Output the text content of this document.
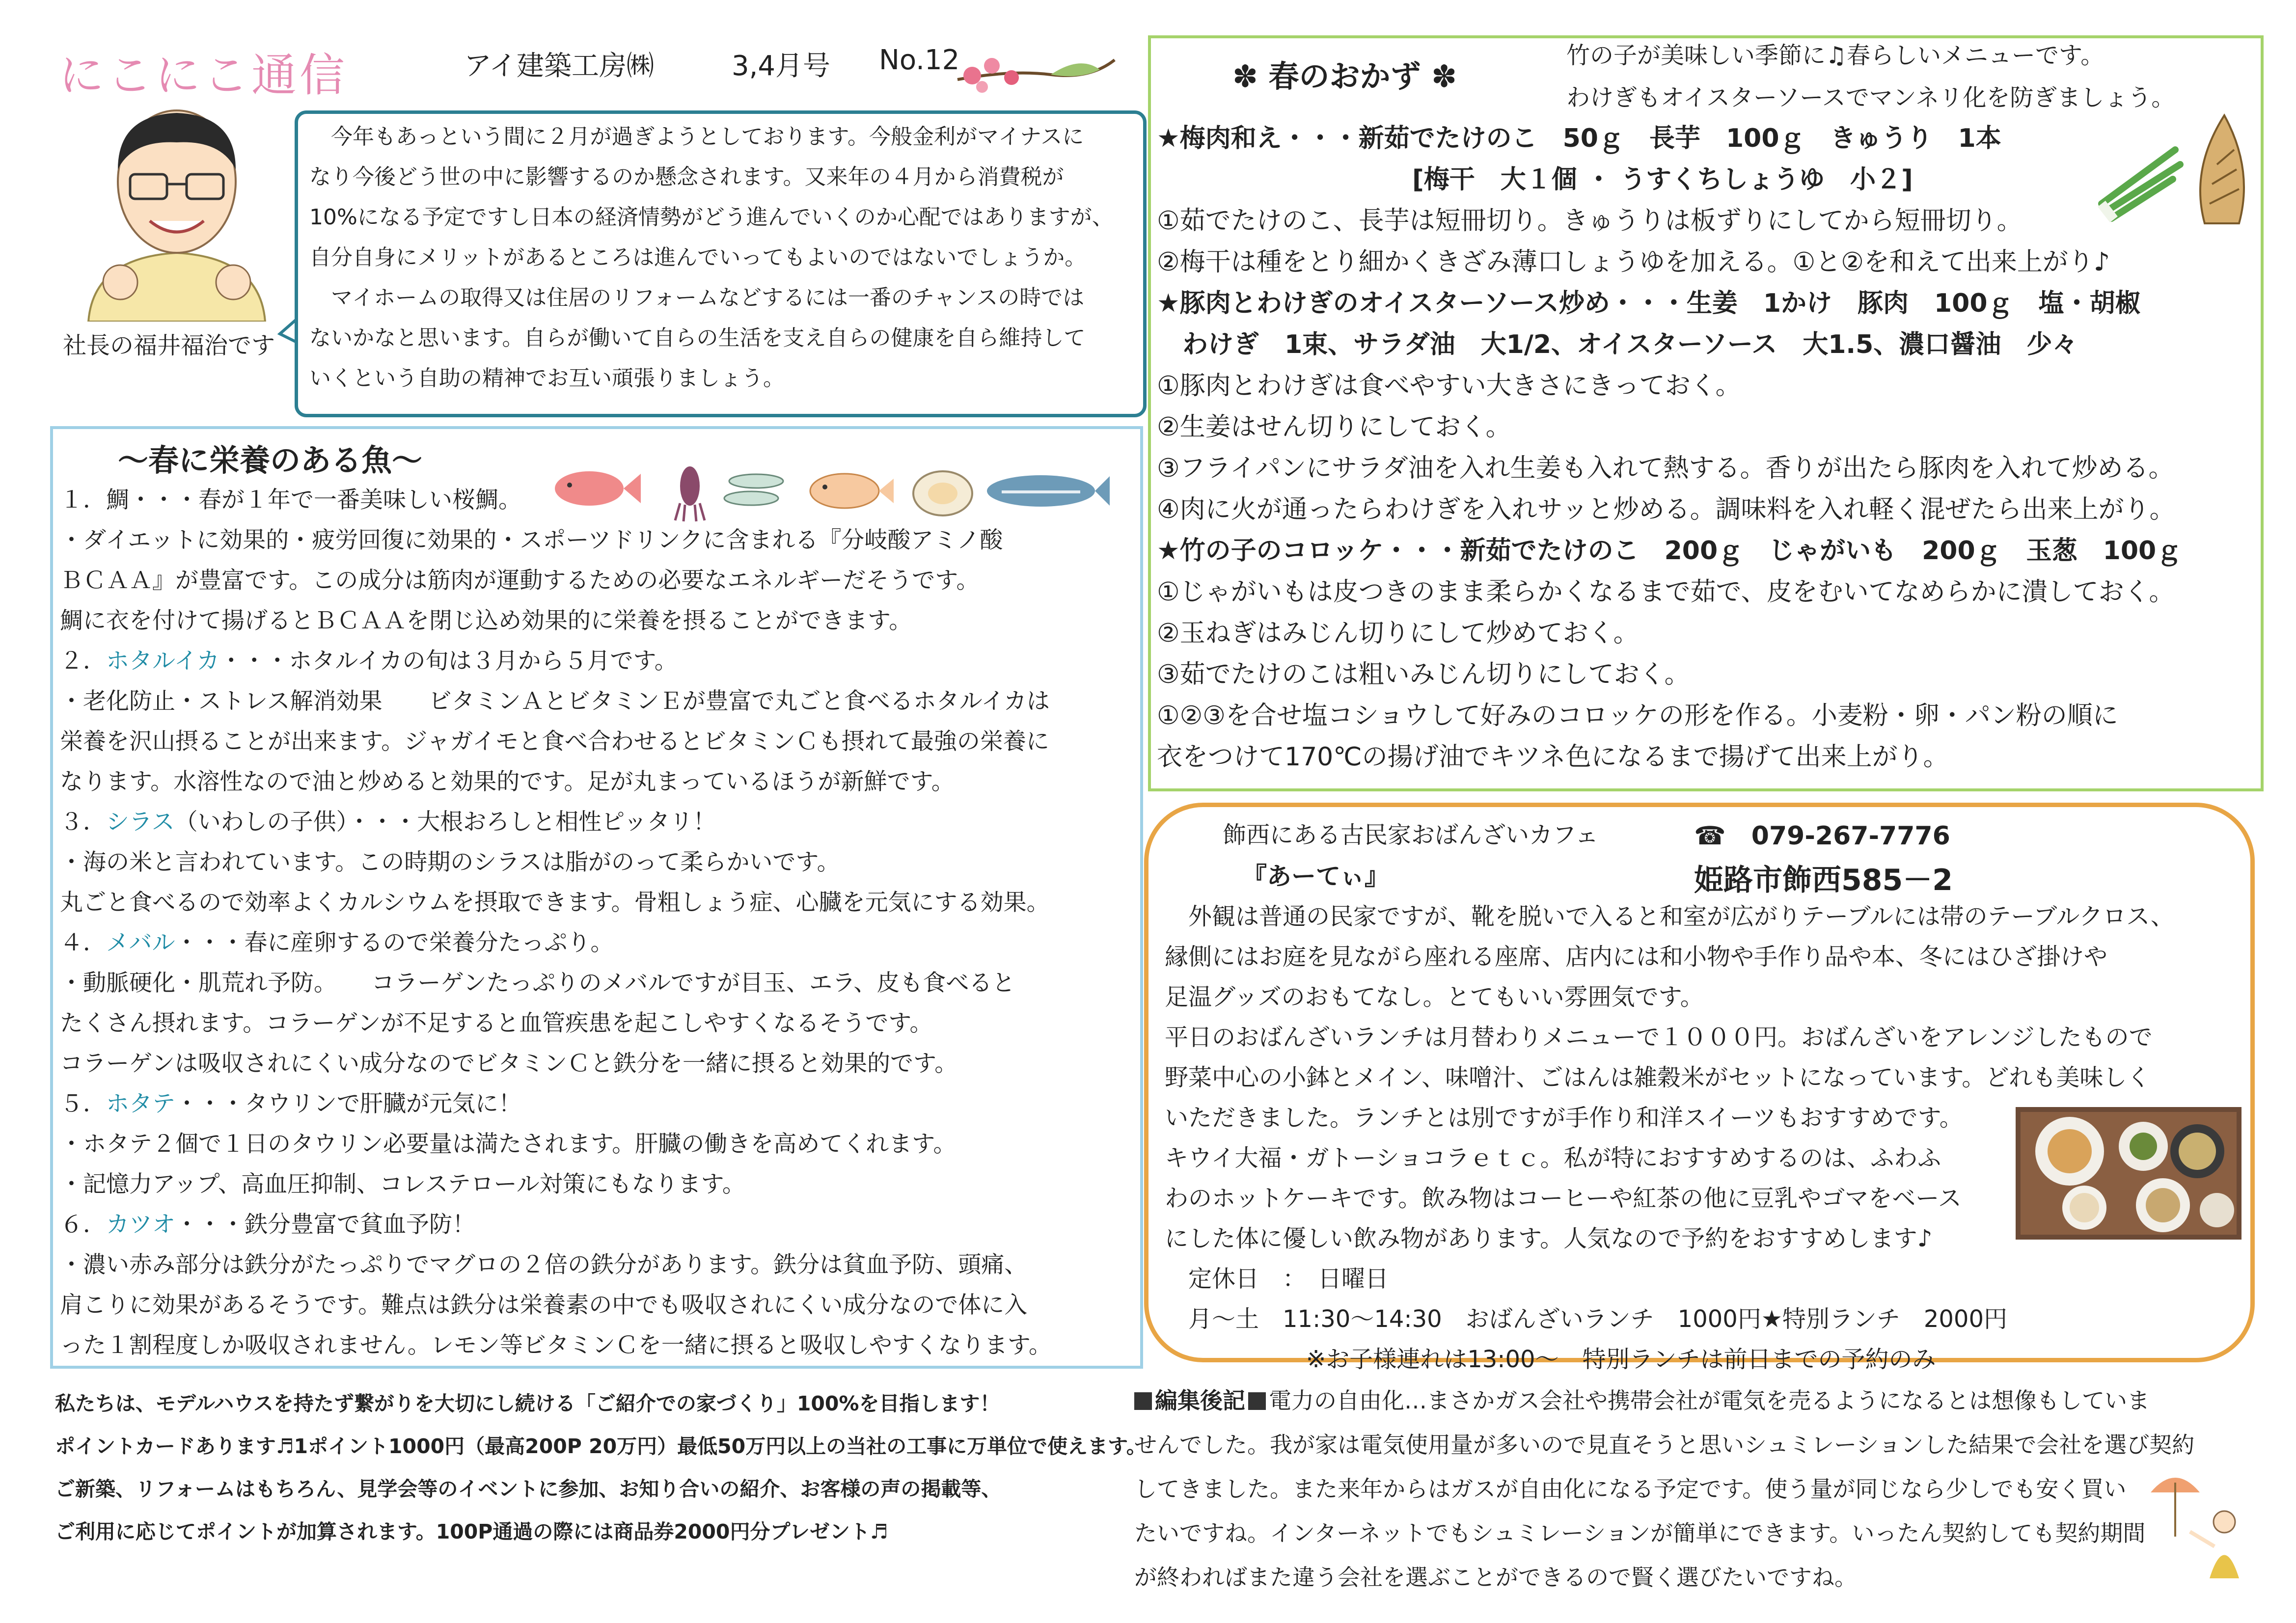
にこにこ通信	アイ建築工房㈱	3,4月号 No.12
社長の福井福治です
　今年もあっという間に２月が過ぎようとしております。今般金利がマイナスに
なり今後どう世の中に影響するのか懸念されます。又来年の４月から消費税が
10%になる予定ですし日本の経済情勢がどう進んでいくのか心配ではありますが、
自分自身にメリットがあるところは進んでいってもよいのではないでしょうか。
　マイホームの取得又は住居のリフォームなどするには一番のチャンスの時では
ないかなと思います。自らが働いて自らの生活を支え自らの健康を自ら維持して
いくという自助の精神でお互い頑張りましょう。
～春に栄養のある魚～
１．鯛・・・春が１年で一番美味しい桜鯛。
・ダイエットに効果的・疲労回復に効果的・スポーツドリンクに含まれる『分岐酸アミノ酸
ＢＣＡＡ』が豊富です。この成分は筋肉が運動するための必要なエネルギーだそうです。
鯛に衣を付けて揚げるとＢＣＡＡを閉じ込め効果的に栄養を摂ることができます。
２．ホタルイカ・・・ホタルイカの旬は３月から５月です。
・老化防止・ストレス解消効果　　ビタミンＡとビタミンＥが豊富で丸ごと食べるホタルイカは
栄養を沢山摂ることが出来ます。ジャガイモと食べ合わせるとビタミンＣも摂れて最強の栄養に
なります。水溶性なので油と炒めると効果的です。足が丸まっているほうが新鮮です。
３．シラス（いわしの子供）・・・大根おろしと相性ピッタリ！
・海の米と言われています。この時期のシラスは脂がのって柔らかいです。
丸ごと食べるので効率よくカルシウムを摂取できます。骨粗しょう症、心臓を元気にする効果。
４．メバル・・・春に産卵するので栄養分たっぷり。
・動脈硬化・肌荒れ予防。　　コラーゲンたっぷりのメバルですが目玉、エラ、皮も食べると
たくさん摂れます。コラーゲンが不足すると血管疾患を起こしやすくなるそうです。
コラーゲンは吸収されにくい成分なのでビタミンＣと鉄分を一緒に摂ると効果的です。
５．ホタテ・・・タウリンで肝臓が元気に！
・ホタテ２個で１日のタウリン必要量は満たされます。肝臓の働きを高めてくれます。
・記憶力アップ、高血圧抑制、コレステロール対策にもなります。
６．カツオ・・・鉄分豊富で貧血予防！
・濃い赤み部分は鉄分がたっぷりでマグロの２倍の鉄分があります。鉄分は貧血予防、頭痛、
肩こりに効果があるそうです。難点は鉄分は栄養素の中でも吸収されにくい成分なので体に入
った１割程度しか吸収されません。レモン等ビタミンＣを一緒に摂ると吸収しやすくなります。
✽ 春のおかず ✽
竹の子が美味しい季節に♫春らしいメニューです。
わけぎもオイスターソースでマンネリ化を防ぎましょう。
★梅肉和え・・・新茹でたけのこ　50ｇ　長芋　100ｇ　きゅうり　1本
　　　　　　　　　　[梅干　大１個 ・ うすくちしょうゆ　小２]
①茹でたけのこ、長芋は短冊切り。きゅうりは板ずりにしてから短冊切り。
②梅干は種をとり細かくきざみ薄口しょうゆを加える。①と②を和えて出来上がり♪
★豚肉とわけぎのオイスターソース炒め・・・生姜　1かけ　豚肉　100ｇ　塩・胡椒
　わけぎ　1束、サラダ油　大1/2、オイスターソース　大1.5、濃口醤油　少々
①豚肉とわけぎは食べやすい大きさにきっておく。
②生姜はせん切りにしておく。
③フライパンにサラダ油を入れ生姜も入れて熱する。香りが出たら豚肉を入れて炒める。
④肉に火が通ったらわけぎを入れサッと炒める。調味料を入れ軽く混ぜたら出来上がり。
★竹の子のコロッケ・・・新茹でたけのこ　200ｇ　じゃがいも　200ｇ　玉葱　100ｇ
①じゃがいもは皮つきのまま柔らかくなるまで茹で、皮をむいてなめらかに潰しておく。
②玉ねぎはみじん切りにして炒めておく。
③茹でたけのこは粗いみじん切りにしておく。
①②③を合せ塩コショウして好みのコロッケの形を作る。小麦粉・卵・パン粉の順に
衣をつけて170℃の揚げ油でキツネ色になるまで揚げて出来上がり。
飾西にある古民家おばんざいカフェ
『あーてぃ』
☎　 079-267-7776
姫路市飾西585－2
　外観は普通の民家ですが、靴を脱いで入ると和室が広がりテーブルには帯のテーブルクロス、
縁側にはお庭を見ながら座れる座席、店内には和小物や手作り品や本、冬にはひざ掛けや
足温グッズのおもてなし。とてもいい雰囲気です。
平日のおばんざいランチは月替わりメニューで１０００円。おばんざいをアレンジしたもので
野菜中心の小鉢とメイン、味噌汁、ごはんは雑穀米がセットになっています。どれも美味しく
いただきました。ランチとは別ですが手作り和洋スイーツもおすすめです。
キウイ大福・ガトーショコラｅｔｃ。私が特におすすめするのは、ふわふ
わのホットケーキです。飲み物はコーヒーや紅茶の他に豆乳やゴマをベース
にした体に優しい飲み物があります。人気なので予約をおすすめします♪
　定休日　：　日曜日
　月～土　11:30～14:30　おばんざいランチ　1000円★特別ランチ　2000円
　　　　　　※お子様連れは13:00～　特別ランチは前日までの予約のみ
私たちは、モデルハウスを持たず繋がりを大切にし続ける「ご紹介での家づくり」100%を目指します！
ポイントカードあります♬1ポイント1000円（最高200P 20万円）最低50万円以上の当社の工事に万単位で使えます。
ご新築、リフォームはもちろん、見学会等のイベントに参加、お知り合いの紹介、お客様の声の掲載等、
ご利用に応じてポイントが加算されます。100P通過の際には商品券2000円分プレゼント♬
編集後記 電力の自由化…まさかガス会社や携帯会社が電気を売るようになるとは想像もしていま
せんでした。我が家は電気使用量が多いので見直そうと思いシュミレーションした結果で会社を選び契約
してきました。また来年からはガスが自由化になる予定です。使う量が同じなら少しでも安く買い
たいですね。インターネットでもシュミレーションが簡単にできます。いったん契約しても契約期間
が終わればまた違う会社を選ぶことができるので賢く選びたいですね。
